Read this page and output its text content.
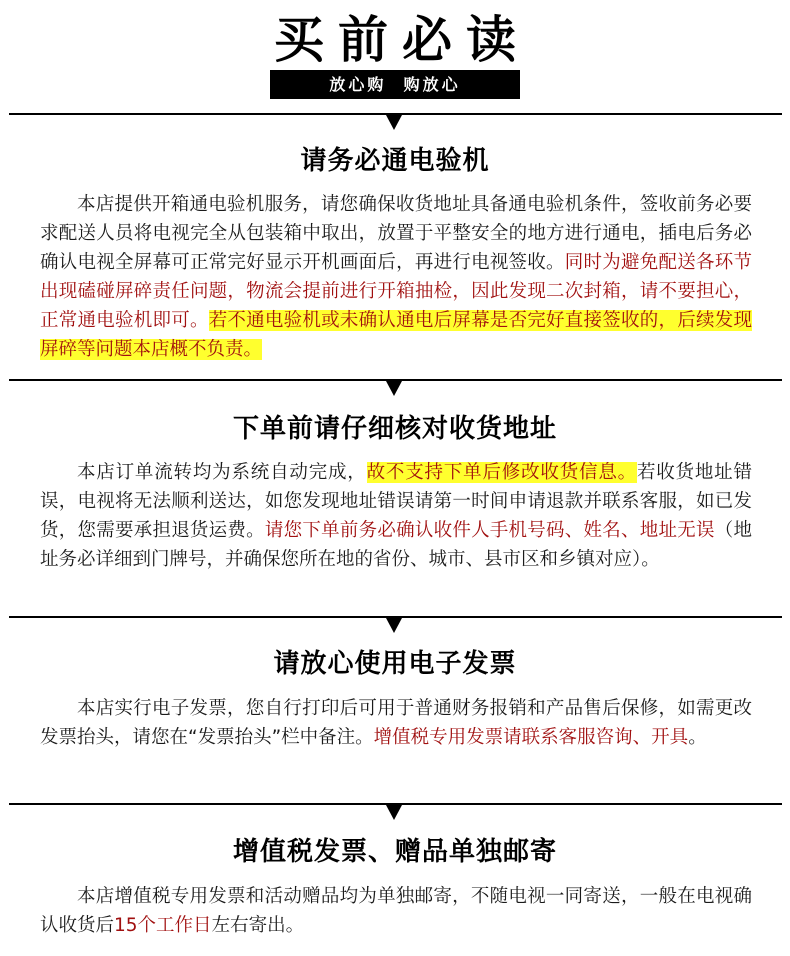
买前必读
放心购  购放心
请务必通电验机
本店提供开箱通电验机服务，请您确保收货地址具备通电验机条件，签收前务必要求配送人员将电视完全从包装箱中取出，放置于平整安全的地方进行通电，插电后务必确认电视全屏幕可正常完好显示开机画面后，再进行电视签收。同时为避免配送各环节出现磕碰屏碎责任问题，物流会提前进行开箱抽检，因此发现二次封箱，请不要担心，正常通电验机即可。若不通电验机或未确认通电后屏幕是否完好直接签收的，后续发现屏碎等问题本店概不负责。
下单前请仔细核对收货地址
本店订单流转均为系统自动完成，故不支持下单后修改收货信息。若收货地址错误，电视将无法顺利送达，如您发现地址错误请第一时间申请退款并联系客服，如已发货，您需要承担退货运费。请您下单前务必确认收件人手机号码、姓名、地址无误（地址务必详细到门牌号，并确保您所在地的省份、城市、县市区和乡镇对应）。
请放心使用电子发票
本店实行电子发票，您自行打印后可用于普通财务报销和产品售后保修，如需更改发票抬头，请您在“发票抬头”栏中备注。增值税专用发票请联系客服咨询、开具。
增值税发票、赠品单独邮寄
本店增值税专用发票和活动赠品均为单独邮寄，不随电视一同寄送，一般在电视确认收货后15个工作日左右寄出。
